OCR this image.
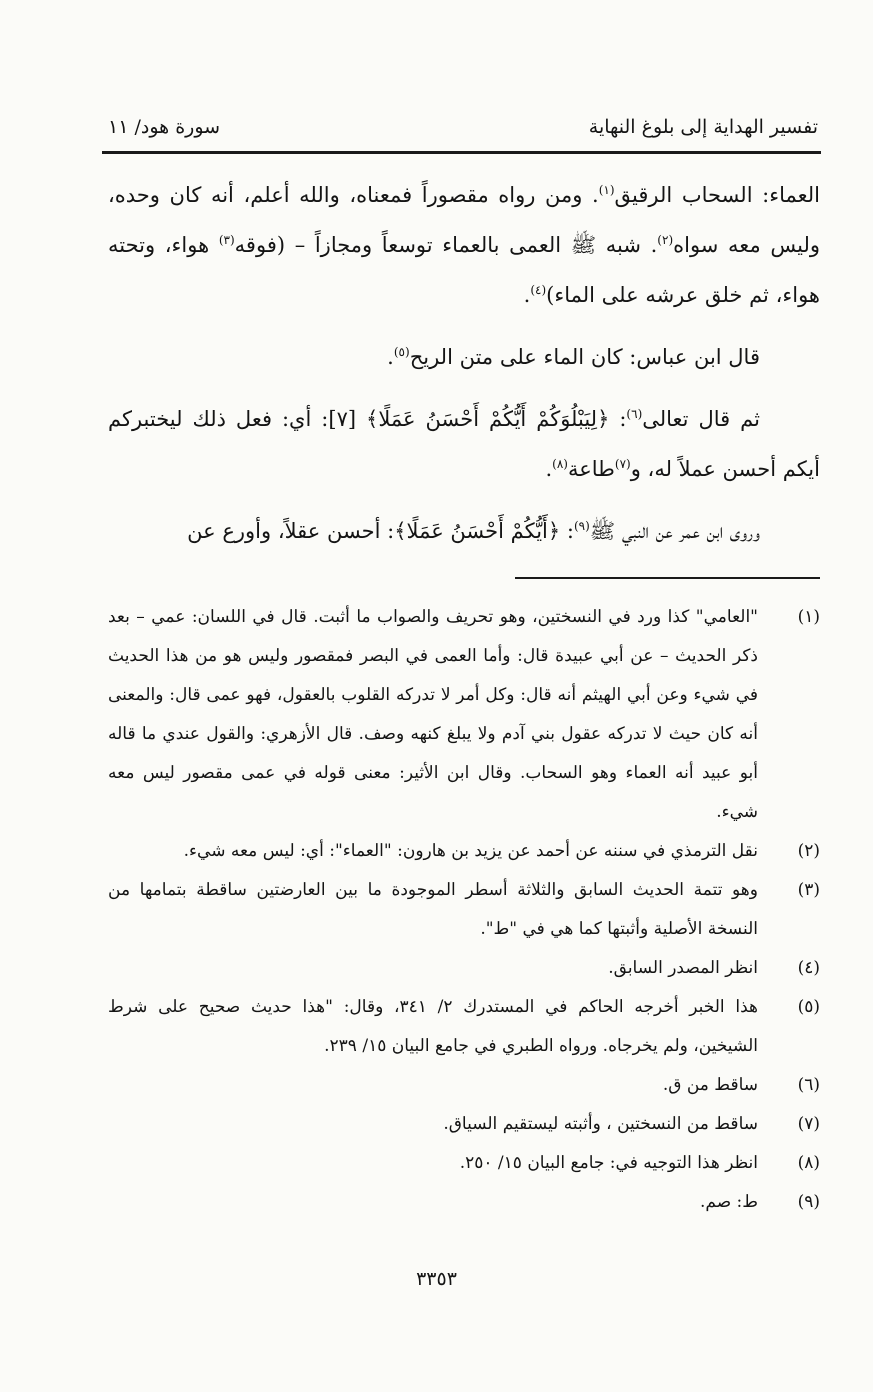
تفسير الهداية إلى بلوغ النهاية
سورة هود/ ١١

العماء: السحاب الرقيق$^{(١)}$. ومن رواه مقصوراً فمعناه، والله أعلم، أنه كان وحده، وليس معه سواه$^{(٢)}$. شبه ﷺ العمى بالعماء توسعاً ومجازاً – (فوقه$^{(٣)}$ هواء، وتحته هواء، ثم خلق عرشه على الماء)$^{(٤)}$.

قال ابن عباس: كان الماء على متن الريح$^{(٥)}$.

ثم قال تعالى$^{(٦)}$: ﴿لِيَبْلُوَكُمْ أَيُّكُمْ أَحْسَنُ عَمَلًا﴾ [٧]: أي: فعل ذلك ليختبركم أيكم أحسن عملاً له، و$^{(٧)}$طاعة$^{(٨)}$.

وروى ابن عمر عن النبي ﷺ$^{(٩)}$: ﴿أَيُّكُمْ أَحْسَنُ عَمَلًا﴾: أحسن عقلاً، وأورع عن

(١)
"العامي" كذا ورد في النسختين، وهو تحريف والصواب ما أثبت. قال في اللسان: عمي – بعد ذكر الحديث – عن أبي عبيدة قال: وأما العمى في البصر فمقصور وليس هو من هذا الحديث في شيء وعن أبي الهيثم أنه قال: وكل أمر لا تدركه القلوب بالعقول، فهو عمى قال: والمعنى أنه كان حيث لا تدركه عقول بني آدم ولا يبلغ كنهه وصف. قال الأزهري: والقول عندي ما قاله أبو عبيد أنه العماء وهو السحاب. وقال ابن الأثير: معنى قوله في عمى مقصور ليس معه شيء.
(٢)
نقل الترمذي في سننه عن أحمد عن يزيد بن هارون: "العماء": أي: ليس معه شيء.
(٣)
وهو تتمة الحديث السابق والثلاثة أسطر الموجودة ما بين العارضتين ساقطة بتمامها من النسخة الأصلية وأثبتها كما هي في "ط".
(٤)
انظر المصدر السابق.
(٥)
هذا الخبر أخرجه الحاكم في المستدرك ٢/ ٣٤١، وقال: "هذا حديث صحيح على شرط الشيخين، ولم يخرجاه. ورواه الطبري في جامع البيان ١٥/ ٢٣٩.
(٦)
ساقط من ق.
(٧)
ساقط من النسختين ، وأثبته ليستقيم السياق.
(٨)
انظر هذا التوجيه في: جامع البيان ١٥/ ٢٥٠.
(٩)
ط: صم.
٣٣٥٣
